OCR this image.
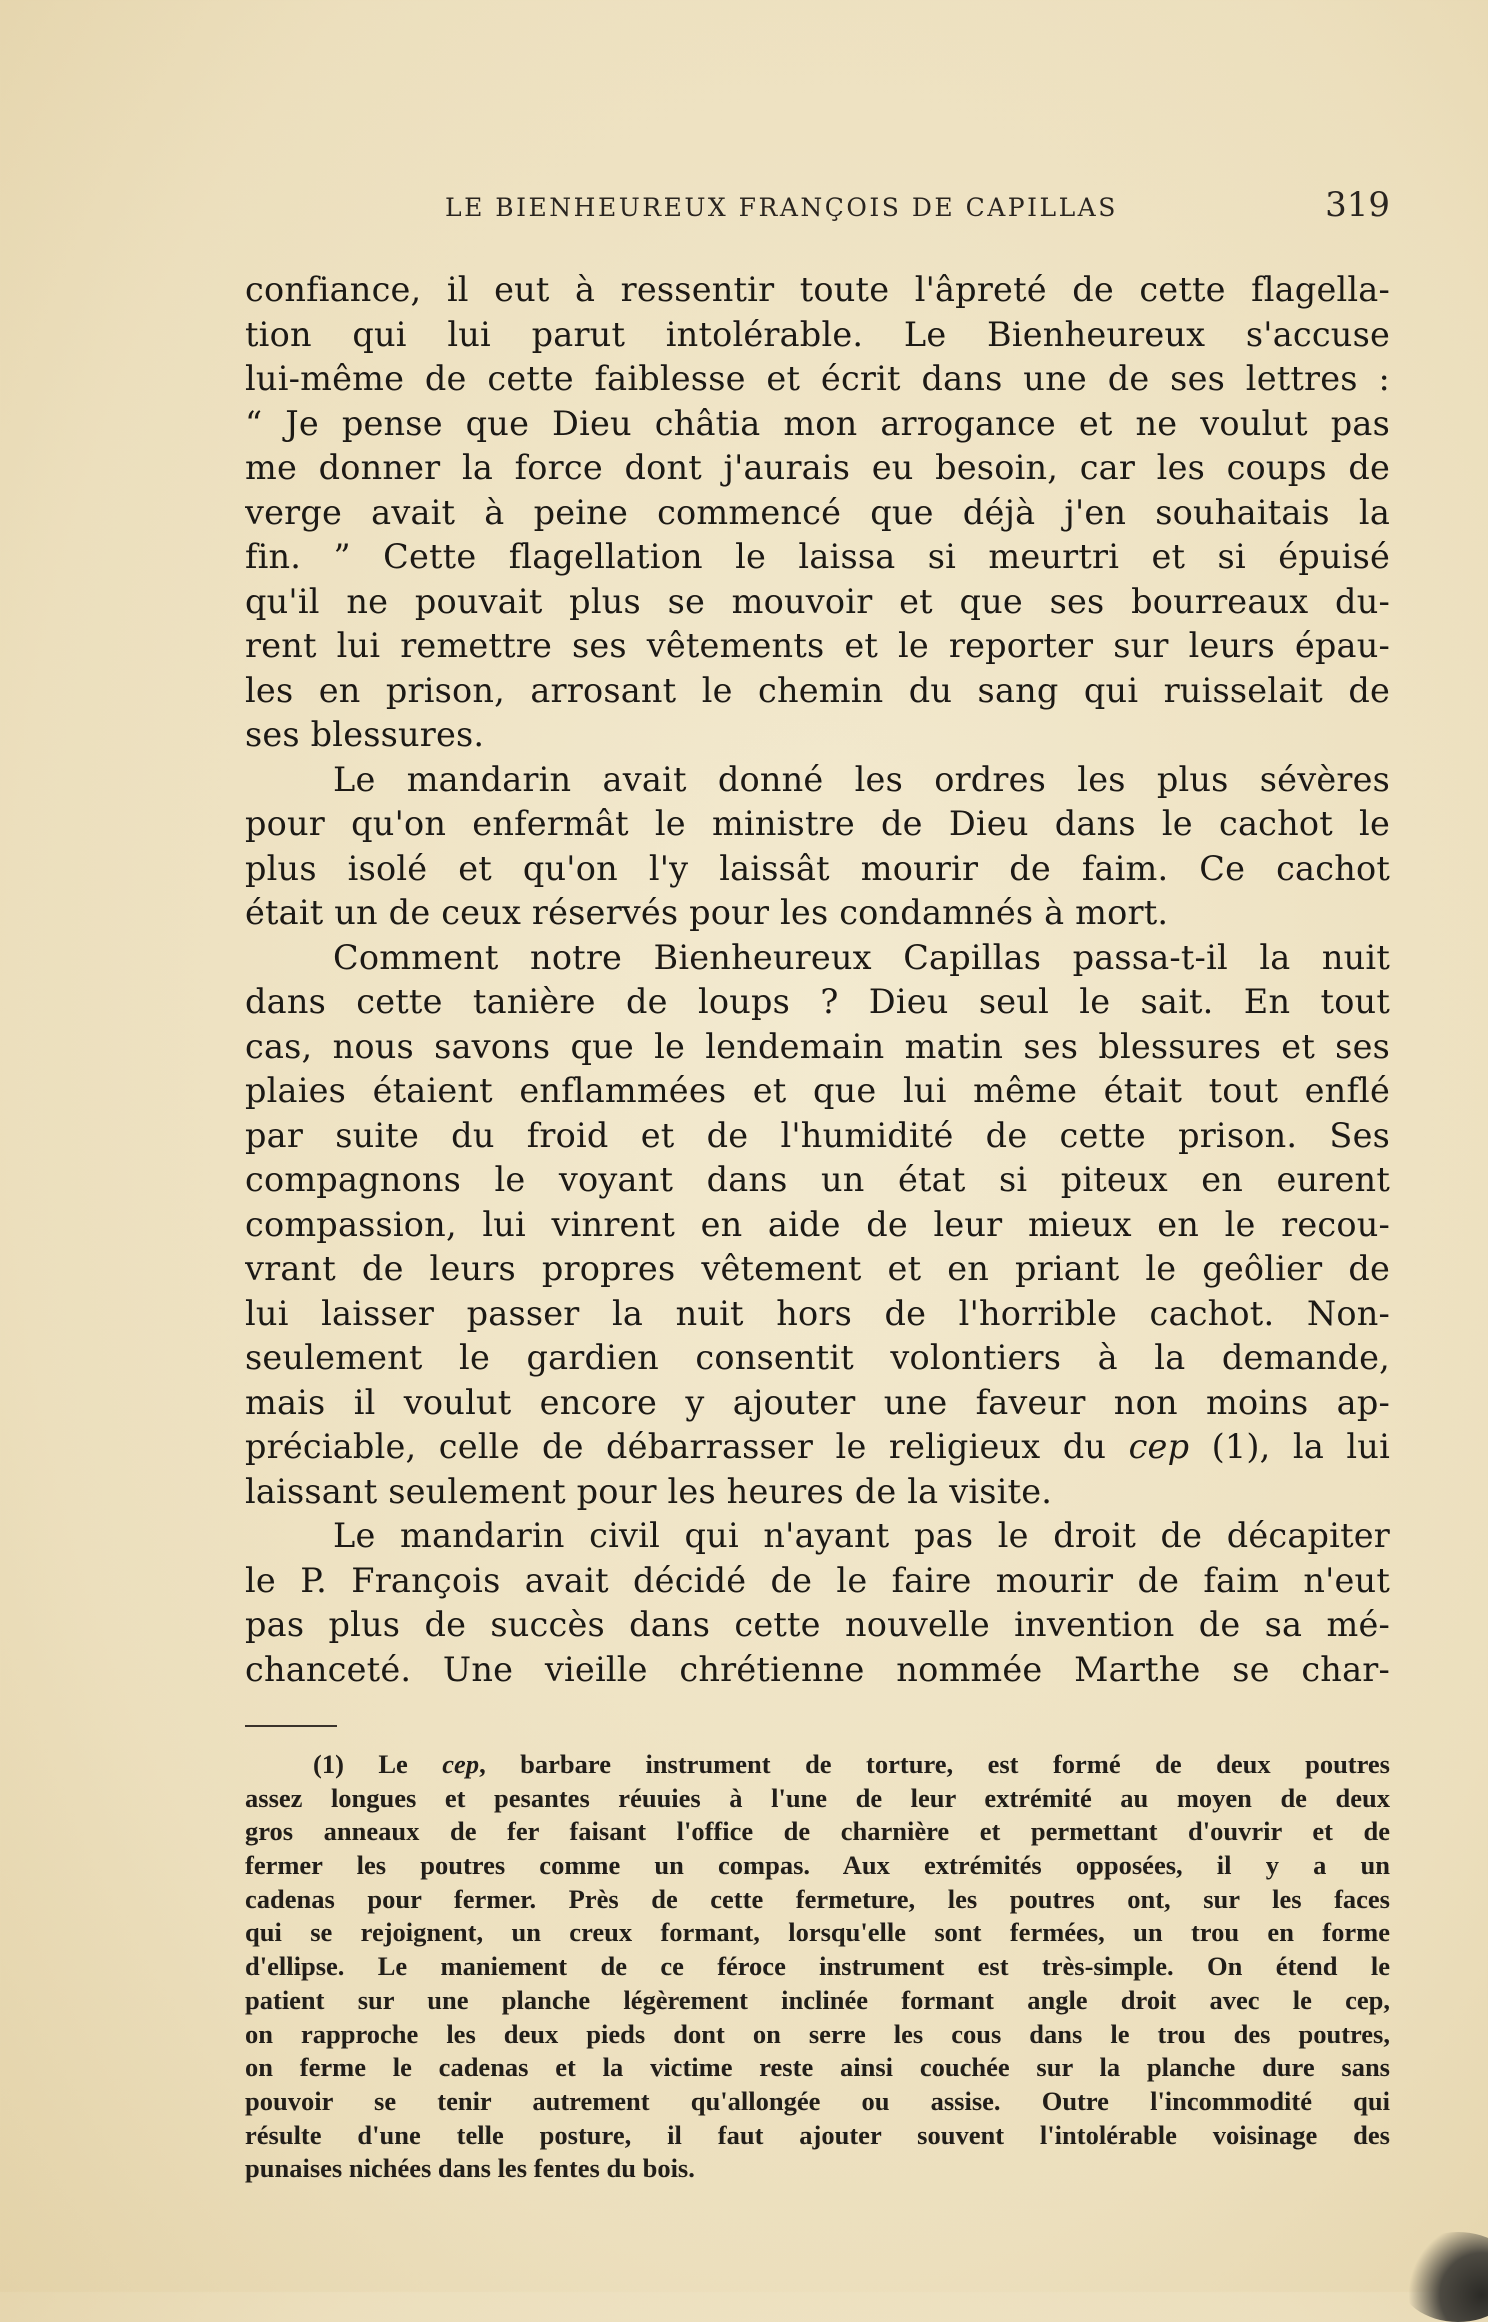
LE BIENHEUREUX FRANÇOIS DE CAPILLAS	319
confiance, il eut à ressentir toute l'âpreté de cette flagella-
tion qui lui parut intolérable. Le Bienheureux s'accuse
lui-même de cette faiblesse et écrit dans une de ses lettres :
“ Je pense que Dieu châtia mon arrogance et ne voulut pas
me donner la force dont j'aurais eu besoin, car les coups de
verge avait à peine commencé que déjà j'en souhaitais la
fin. ” Cette flagellation le laissa si meurtri et si épuisé
qu'il ne pouvait plus se mouvoir et que ses bourreaux du-
rent lui remettre ses vêtements et le reporter sur leurs épau-
les en prison, arrosant le chemin du sang qui ruisselait de
ses blessures.
Le mandarin avait donné les ordres les plus sévères
pour qu'on enfermât le ministre de Dieu dans le cachot le
plus isolé et qu'on l'y laissât mourir de faim. Ce cachot
était un de ceux réservés pour les condamnés à mort.
Comment notre Bienheureux Capillas passa-t-il la nuit
dans cette tanière de loups ? Dieu seul le sait. En tout
cas, nous savons que le lendemain matin ses blessures et ses
plaies étaient enflammées et que lui même était tout enflé
par suite du froid et de l'humidité de cette prison. Ses
compagnons le voyant dans un état si piteux en eurent
compassion, lui vinrent en aide de leur mieux en le recou-
vrant de leurs propres vêtement et en priant le geôlier de
lui laisser passer la nuit hors de l'horrible cachot. Non-
seulement le gardien consentit volontiers à la demande,
mais il voulut encore y ajouter une faveur non moins ap-
préciable, celle de débarrasser le religieux du cep (1), la lui
laissant seulement pour les heures de la visite.
Le mandarin civil qui n'ayant pas le droit de décapiter
le P. François avait décidé de le faire mourir de faim n'eut
pas plus de succès dans cette nouvelle invention de sa mé-
chanceté. Une vieille chrétienne nommée Marthe se char-
(1) Le cep, barbare instrument de torture, est formé de deux poutres
assez longues et pesantes réuuies à l'une de leur extrémité au moyen de deux
gros anneaux de fer faisant l'office de charnière et permettant d'ouvrir et de
fermer les poutres comme un compas. Aux extrémités opposées, il y a un
cadenas pour fermer. Près de cette fermeture, les poutres ont, sur les faces
qui se rejoignent, un creux formant, lorsqu'elle sont fermées, un trou en forme
d'ellipse. Le maniement de ce féroce instrument est très-simple. On étend le
patient sur une planche légèrement inclinée formant angle droit avec le cep,
on rapproche les deux pieds dont on serre les cous dans le trou des poutres,
on ferme le cadenas et la victime reste ainsi couchée sur la planche dure sans
pouvoir se tenir autrement qu'allongée ou assise. Outre l'incommodité qui
résulte d'une telle posture, il faut ajouter souvent l'intolérable voisinage des
punaises nichées dans les fentes du bois.
